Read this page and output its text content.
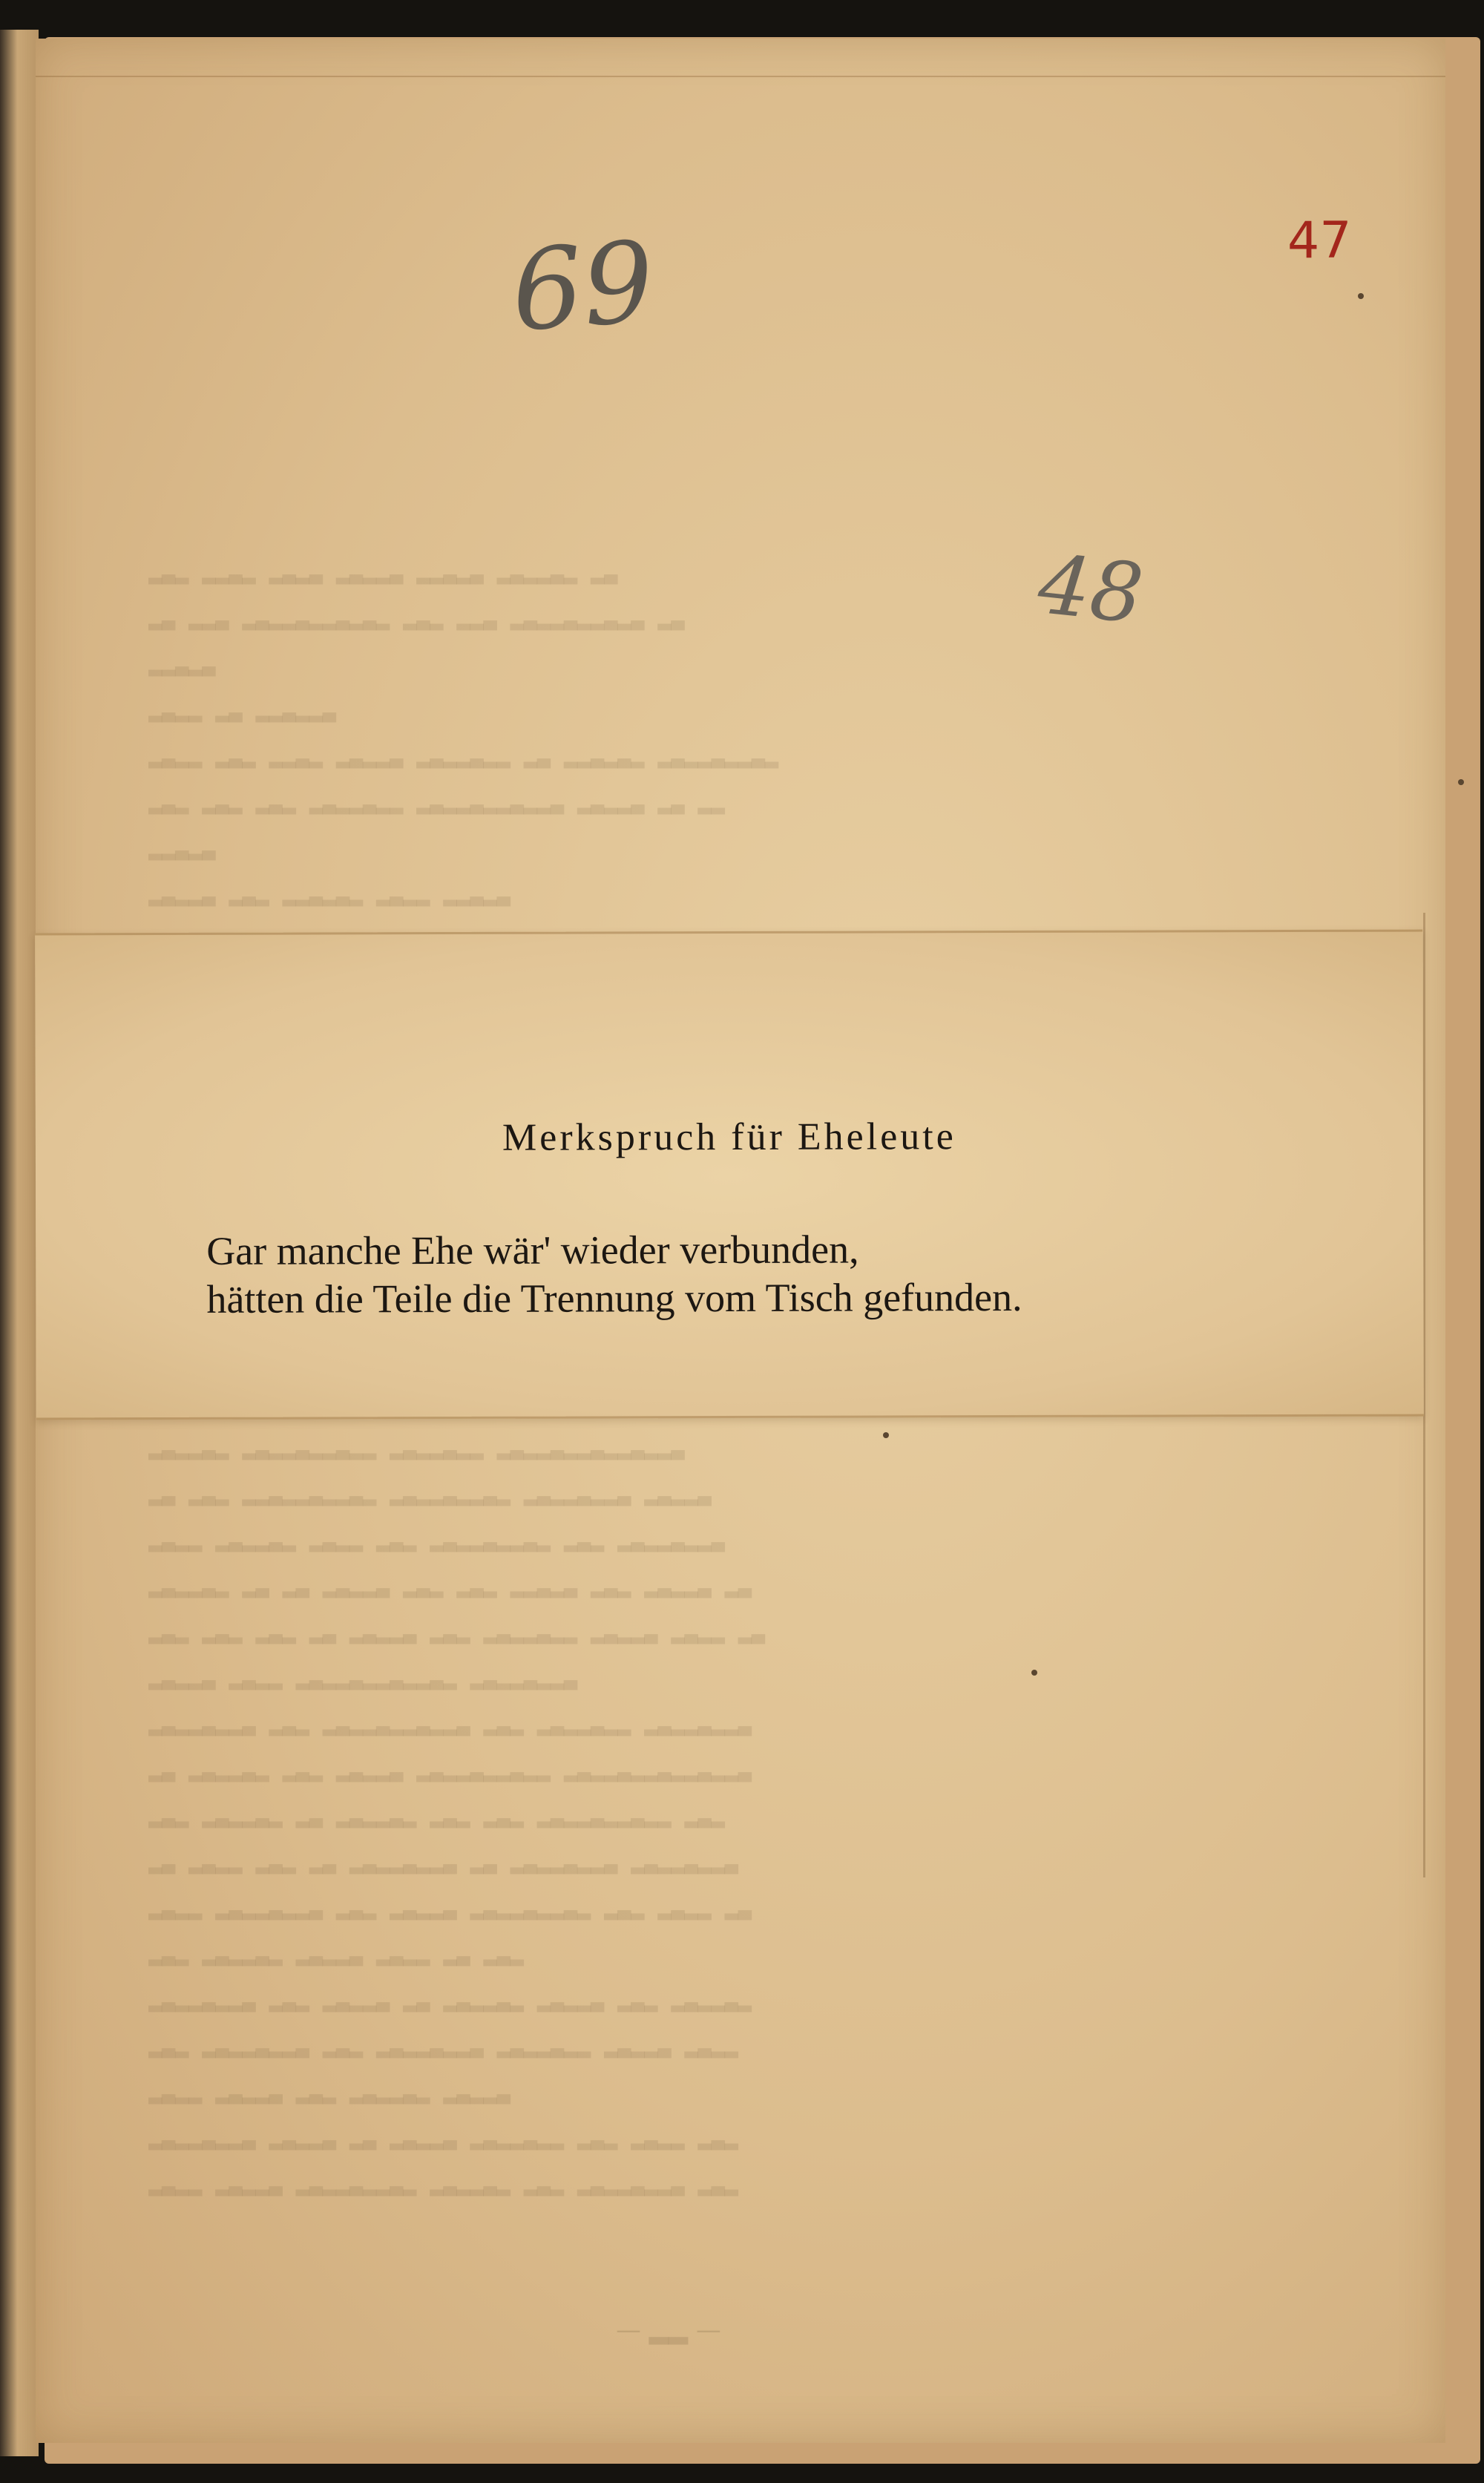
▂▃▂ ▂▂▃▂ ▂▃▂▃ ▂▃▂▂▃ ▂▂▃▂▃ ▂▃▂▂▃▂ ▂▃
▂▃ ▂▂▃ ▂▃▂▂▃▂▂▃▂▃▂ ▂▃▂ ▂▂▃ ▂▃▂▂▃▂▂▃▂▃ ▂▃
▂▂▃▂▃
▂▃▂▂ ▂▃ ▂▂▃▂▂▃
▂▃▂▂ ▂▃▂ ▂▂▃▂ ▂▃▂▂▃ ▂▃▂▂▃▂▂ ▂▃ ▂▂▃▂▃▂ ▂▃▂▂▃▂▂▃▂
▂▃▂ ▂▃▂ ▂▃▂ ▂▃▂▂▃▂▂ ▂▃▂▂▃▂▂▃▂▂▃ ▂▃▂▂▃ ▂▃ ▂▂
▂▂▃▂▃
▂▃▂▂▃ ▂▃▂ ▂▂▃▂▃▂ ▂▃▂▂ ▂▂▃▂▃
▂▃▂▂▃▂ ▂▃▂▂▃▂▂▃▂▂ ▂▃▂▂▃▂▂ ▂▃▂▂▃▂▂▃▂▂▃▂▂▃
▂▃ ▂▃▂ ▂▂▃▂▂▃▂▂▃▂ ▂▃▂▂▃▂▂▃▂ ▂▃▂▂▃▂▂▃ ▂▃▂▂▃
▂▃▂▂ ▂▃▂▂▃▂ ▂▃▂▂ ▂▃▂ ▂▃▂▂▃▂▂▃▂ ▂▃▂ ▂▃▂▂▃▂▂▃
▂▃▂▂▃▂ ▂▃ ▂▃ ▂▃▂▂▃ ▂▃▂ ▂▃▂ ▂▂▃▂▃ ▂▃▂ ▂▃▂▂▃ ▂▃
▂▃▂ ▂▃▂ ▂▃▂ ▂▃ ▂▃▂▂▃ ▂▃▂ ▂▃▂▂▃▂▂ ▂▃▂▂▃ ▂▃▂▂ ▂▃
▂▃▂▂▃ ▂▃▂▂ ▂▃▂▂▃▂▂▃▂▂▃▂ ▂▃▂▂▃▂▂▃
▂▃▂▂▃▂▂▃ ▂▃▂ ▂▃▂▂▃▂▂▃▂▂▃ ▂▃▂ ▂▃▂▂▃▂▂ ▂▃▂▂▃▂▂▃
▂▃ ▂▃▂▂▃▂ ▂▃▂ ▂▃▂▂▃ ▂▃▂▂▃▂▂▃▂▂ ▂▃▂▂▃▂▂▃▂▂▃▂▂▃
▂▃▂ ▂▃▂▂▃▂ ▂▃ ▂▃▂▂▃▂ ▂▃▂ ▂▃▂ ▂▃▂▂▃▂▂▃▂▂ ▂▃▂
▂▃ ▂▃▂▂ ▂▃▂ ▂▃ ▂▃▂▂▃▂▂▃ ▂▃ ▂▃▂▂▃▂▂▃ ▂▃▂▂▃▂▂▃
▂▃▂▂ ▂▃▂▂▃▂▂▃ ▂▃▂ ▂▃▂▂▃ ▂▃▂▂▃▂▂▃▂ ▂▃▂ ▂▃▂▂ ▂▃
▂▃▂ ▂▃▂▂▃▂ ▂▃▂▂▃ ▂▃▂▂ ▂▃ ▂▃▂
▂▃▂▂▃▂▂▃ ▂▃▂ ▂▃▂▂▃ ▂▃ ▂▃▂▂▃▂ ▂▃▂▂▃ ▂▃▂ ▂▃▂▂▃▂
▂▃▂ ▂▃▂▂▃▂▂▃ ▂▃▂ ▂▃▂▂▃▂▂▃ ▂▃▂▂▃▂▂ ▂▃▂▂▃ ▂▃▂▂
▂▃▂▂ ▂▃▂▂▃ ▂▃▂ ▂▃▂▂▃▂ ▂▃▂▂▃
▂▃▂▂▃▂▂▃ ▂▃▂▂▃ ▂▃ ▂▃▂▂▃ ▂▃▂▂▃▂▂ ▂▃▂ ▂▃▂▂ ▂▃▂
▂▃▂▂ ▂▃▂▂▃ ▂▃▂▂▃▂▂▃▂ ▂▃▂▂▃▂ ▂▃▂ ▂▃▂▂▃▂▂▃ ▂▃▂
69
48
47
Merkspruch für Eheleute
Gar manche Ehe wär' wieder verbunden,
hätten die Teile die Trennung vom Tisch gefunden.
— ▂▂ —
